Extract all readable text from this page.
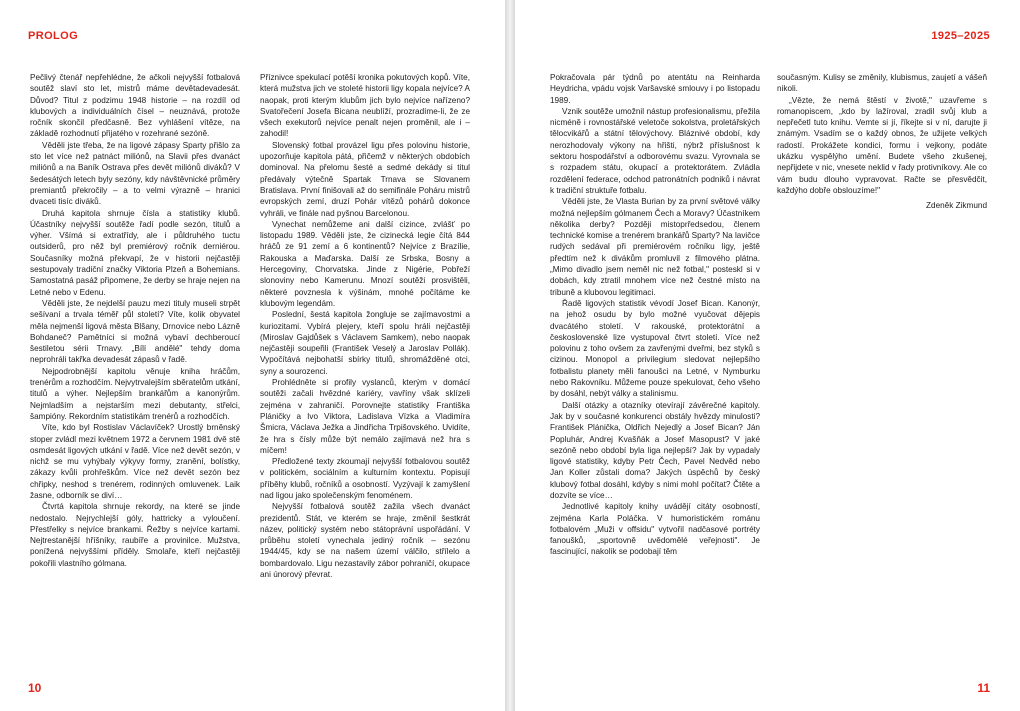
PROLOG

Pečlivý čtenář nepřehlédne, že ačkoli nejvyšší fotbalová soutěž slaví sto let, mistrů máme devětadevadesát. Důvod? Titul z podzimu 1948 historie – na rozdíl od klubových a individuálních čísel – neuznává, protože ročník skončil předčasně. Bez vyhlášení vítěze, na základě rozhodnutí přijatého v rozehrané sezóně.

Věděli jste třeba, že na ligové zápasy Sparty přišlo za sto let více než patnáct miliónů, na Slavii přes dvanáct miliónů a na Baník Ostrava přes devět miliónů diváků? V šedesátých letech byly sezóny, kdy návštěvnické průměry premiantů překročily – a to velmi výrazně – hranici dvaceti tisíc diváků.

Druhá kapitola shrnuje čísla a statistiky klubů. Účastníky nejvyšší soutěže řadí podle sezón, titulů a výher. Všímá si extratřídy, ale i půldruhého tuctu outsiderů, pro něž byl premiérový ročník derniérou. Současníky možná překvapí, že v historii nejčastěji sestupovaly tradiční značky Viktoria Plzeň a Bohemians. Samostatná pasáž připomene, že derby se hraje nejen na Letné nebo v Edenu.

Věděli jste, že nejdelší pauzu mezi tituly museli strpět sešívaní a trvala téměř půl století? Víte, kolik obyvatel měla nejmenší ligová města Blšany, Drnovice nebo Lázně Bohdaneč? Pamětníci si možná vybaví dechberoucí šestiletou sérii Trnavy. „Bílí andělé" tehdy doma neprohráli takřka devadesát zápasů v řadě.

Nejpodrobnější kapitolu věnuje kniha hráčům, trenérům a rozhodčím. Nejvytrvalejším sběratelům utkání, titulů a výher. Nejlepším brankářům a kanonýrům. Nejmladším a nejstarším mezi debutanty, střelci, šampióny. Rekordním statistikám trenérů a rozhodčích.

Víte, kdo byl Rostislav Václavíček? Urostlý brněnský stoper zvládl mezi květnem 1972 a červnem 1981 dvě stě osmdesát ligových utkání v řadě. Více než devět sezón, v nichž se mu vyhýbaly výkyvy formy, zranění, bolístky, zákazy kvůli prohřeškům. Více než devět sezón bez chřipky, neshod s trenérem, rodinných omluvenek. Laik žasne, odborník se diví…

Čtvrtá kapitola shrnuje rekordy, na které se jinde nedostalo. Nejrychlejší góly, hattricky a vyloučení. Přestřelky s nejvíce brankami. Řežby s nejvíce kartami. Nejtrestanější hříšníky, raubíře a provinilce. Mužstva, ponížená nejvyššími příděly. Smolaře, kteří nejčastěji pokořili vlastního gólmana.

Příznivce spekulací potěší kronika pokutových kopů. Víte, která mužstva jich ve stoleté historii ligy kopala nejvíce? A naopak, proti kterým klubům jich bylo nejvíce nařízeno? Svatořečení Josefa Bicana neublíží, prozradíme-li, že ze všech exekutorů nejvíce penalt nejen proměnil, ale i – zahodil!

Slovenský fotbal provázel ligu přes polovinu historie, upozorňuje kapitola pátá, přičemž v některých obdobích dominoval. Na přelomu šesté a sedmé dekády si titul předávaly výtečně Spartak Trnava se Slovanem Bratislava. První finišovali až do semifinále Poháru mistrů evropských zemí, druzí Pohár vítězů pohárů dokonce vyhráli, ve finále nad pyšnou Barcelonou.

Vynechat nemůžeme ani další cizince, zvlášť po listopadu 1989. Věděli jste, že cizinecká legie čítá 844 hráčů ze 91 zemí a 6 kontinentů? Nejvíce z Brazílie, Rakouska a Maďarska. Další ze Srbska, Bosny a Hercegoviny, Chorvatska. Jinde z Nigérie, Pobřeží slonoviny nebo Kamerunu. Mnozí soutěži prosvištěli, některé povznesla k výšinám, mnohé počítáme ke klubovým legendám.

Poslední, šestá kapitola žongluje se zajímavostmi a kuriozitami. Vybírá plejery, kteří spolu hráli nejčastěji (Miroslav Gajdůšek s Václavem Samkem), nebo naopak nejčastěji soupeřili (František Veselý a Jaroslav Pollák). Vypočítává nejbohatší sbírky titulů, shromážděné otci, syny a sourozenci.

Prohlédněte si profily vyslanců, kterým v domácí soutěži začali hvězdné kariéry, vavříny však sklízeli zejména v zahraničí. Porovnejte statistiky Františka Pláničky a Ivo Viktora, Ladislava Vízka a Vladimíra Šmicra, Václava Ježka a Jindřicha Trpišovského. Uvidíte, že hra s čísly může být nemálo zajímavá než hra s míčem!

Předložené texty zkoumají nejvyšší fotbalovou soutěž v politickém, sociálním a kulturním kontextu. Popisují příběhy klubů, ročníků a osobností. Vyzývají k zamyšlení nad ligou jako společenským fenoménem.

Nejvyšší fotbalová soutěž zažila všech dvanáct prezidentů. Stát, ve kterém se hraje, změnil šestkrát název, politický systém nebo státoprávní uspořádání. V průběhu století vynechala jediný ročník – sezónu 1944/45, kdy se na našem území válčilo, střílelo a bombardovalo. Ligu nezastavily zábor pohraničí, okupace ani únorový převrat.

10
1925–2025

Pokračovala pár týdnů po atentátu na Reinharda Heydricha, vpádu vojsk Varšavské smlouvy i po listopadu 1989.

Vznik soutěže umožnil nástup profesionalismu, přežila nicméně i rovnostářské veletoče sokolstva, proletářských tělocvikářů a státní tělovýchovy. Bláznivé období, kdy nerozhodovaly výkony na hřišti, nýbrž příslušnost k sektoru hospodářství a odborovému svazu. Vyrovnala se s rozpadem státu, okupací a protektorátem. Zvládla rozdělení federace, odchod patronátních podniků i návrat k tradiční struktuře fotbalu.

Věděli jste, že Vlasta Burian by za první světové války možná nejlepším gólmanem Čech a Moravy? Účastníkem několika derby? Později mistoprředsedou, členem technické komise a trenérem brankářů Sparty? Na lavičce rudých sedával při premiérovém ročníku ligy, ještě předtím než k divákům promluvil z filmového plátna. „Mimo divadlo jsem neměl nic než fotbal," posteskl si v dobách, kdy ztratil mnohem více než čestné místo na tribuně a klubovou legitimaci.

Řadě ligových statistik vévodí Josef Bican. Kanonýr, na jehož osudu by bylo možné vyučovat dějepis dvacátého století. V rakouské, protektorátní a československé lize vystupoval čtvrt století. Více než polovinu z toho ovšem za zavřenými dveřmi, bez styků s cizinou. Monopol a privilegium sledovat nejlepšího fotbalistu planety měli fanoušci na Letné, v Nymburku nebo Rakovníku. Můžeme pouze spekulovat, čeho všeho by dosáhl, nebýt války a stalinismu.

Další otázky a otazníky otevírají závěrečné kapitoly. Jak by v současné konkurenci obstály hvězdy minulosti? František Plánička, Oldřich Nejedlý a Josef Bican? Ján Popluhár, Andrej Kvašňák a Josef Masopust? V jaké sezóně nebo období byla liga nejlepší? Jak by vypadaly ligové statistiky, kdyby Petr Čech, Pavel Nedvěd nebo Jan Koller zůstali doma? Jakých úspěchů by český klubový fotbal dosáhl, kdyby s nimi mohl počítat? Čtěte a dozvíte se více…

Jednotlivé kapitoly knihy uvádějí citáty osobností, zejména Karla Poláčka. V humoristickém románu fotbalovém „Muži v offsidu" vytvořil nadčasové portréty fanoušků, „sportovně uvědomělé veřejnosti". Je fascinující, nakolik se podobají těm

současným. Kulisy se změnily, klubismus, zaujetí a vášeň nikoli.

„Vězte, že nemá štěstí v životě," uzavřeme s romanopiscem, „kdo by lažíroval, zradil svůj klub a nepřečetl tuto knihu. Vemte si jí, říkejte si v ní, darujte ji známým. Vsadím se o každý obnos, že užijete velkých radostí. Prokážete kondici, formu i vejkony, podáte ukázku vyspělýho umění. Budete všeho zkušenej, nepřijdete v nic, vnesete neklid v řady protivníkovy. Ale co vám budu dlouho vypravovat. Račte se přesvědčit, každýho dobře obslouzíme!"

Zdeněk Zikmund

11
